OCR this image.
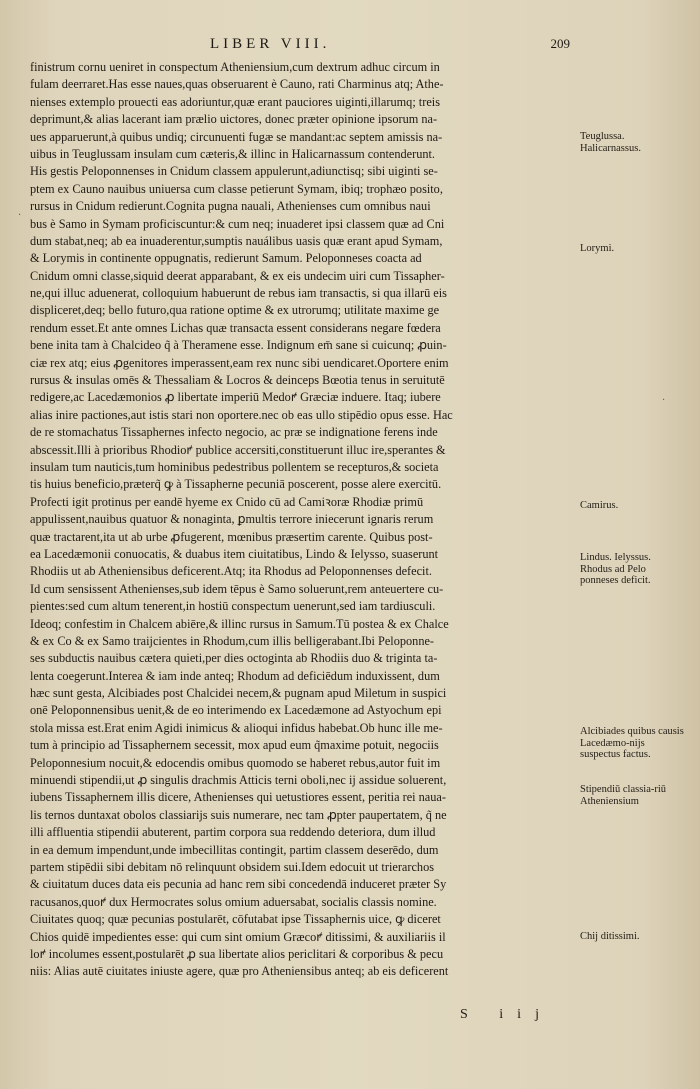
LIBER VIII.	209
finistrum cornu ueniret in conspectum Atheniensium,cum dextrum adhuc circum in
fulam deerraret.Has esse naues,quas obseruarent è Cauno, rati Charminus atq; Athe-
nienses extemplo prouecti eas adoriuntur,quæ erant pauciores uiginti,illarumq; treis
deprimunt,& alias lacerant iam prælio uictores, donec præter opinione ipsorum na-
ues apparuerunt,à quibus undiq; circunuenti fugæ se mandant:ac septem amissis na-
uibus in Teuglussam insulam cum cæteris,& illinc in Halicarnassum contenderunt.
His gestis Peloponnenses in Cnidum classem appulerunt,adiunctisq; sibi uiginti se-
ptem ex Cauno nauibus uniuersa cum classe petierunt Symam, ibiq; trophæo posito,
rursus in Cnidum redierunt.Cognita pugna nauali, Athenienses cum omnibus naui
bus è Samo in Symam proficiscuntur:& cum neq; inuaderet ipsi classem quæ ad Cni
dum stabat,neq; ab ea inuaderentur,sumptis nauálibus uasis quæ erant apud Symam,
& Lorymis in continente oppugnatis, redierunt Samum. Peloponneses coacta ad
Cnidum omni classe,siquid deerat apparabant, & ex eis undecim uiri cum Tissapher-
ne,qui illuc aduenerat, colloquium habuerunt de rebus iam transactis, si qua illarū eis
displiceret,deq; bello futuro,qua ratione optime & ex utrorumq; utilitate maxime ge
rendum esset.Et ante omnes Lichas quæ transacta essent considerans negare fœdera
bene inita tam à Chalcideo q̃ à Theramene esse. Indignum em̄ sane si cuicunq; ꝓuin-
ciæ rex atq; eius ꝓgenitores imperassent,eam rex nunc sibi uendicaret.Oportere enim
rursus & insulas omēs & Thessaliam & Locros & deinceps Bœotia tenus in seruitutē
redigere,ac Lacedæmonios ꝓ libertate imperiū Medoꝵ Græciæ induere. Itaq; iubere
alias inire pactiones,aut istis stari non oportere.nec ob eas ullo stipēdio opus esse. Hac
de re stomachatus Tissaphernes infecto negocio, ac præ se indignatione ferens inde
abscessit.Illi à prioribus Rhodioꝵ publice accersiti,constituerunt illuc ire,sperantes &
insulam tum nauticis,tum hominibus pedestribus pollentem se recepturos,& societa
tis huius beneficio,præterq̃ ꝙ à Tissapherne pecuniā poscerent, posse alere exercitū.
Profecti igit protinus per eandē hyeme ex Cnido cū ad Camiꝛoræ Rhodiæ primū
appulissent,nauibus quatuor & nonaginta, ꝑmultis terrore iniecerunt ignaris rerum
quæ tractarent,ita ut ab urbe ꝓfugerent, mœnibus præsertim carente. Quibus post-
ea Lacedæmonii conuocatis, & duabus item ciuitatibus, Lindo & Ielysso, suaserunt
Rhodiis ut ab Atheniensibus deficerent.Atq; ita Rhodus ad Peloponnenses defecit.
Id cum sensissent Athenienses,sub idem tēpus è Samo soluerunt,rem anteuertere cu-
pientes:sed cum altum tenerent,in hostiū conspectum uenerunt,sed iam tardiusculi.
Ideoq; confestim in Chalcem abiēre,& illinc rursus in Samum.Tū postea & ex Chalce
& ex Co & ex Samo traijcientes in Rhodum,cum illis belligerabant.Ibi Peloponne-
ses subductis nauibus cætera quieti,per dies octoginta ab Rhodiis duo & triginta ta-
lenta coegerunt.Interea & iam inde anteq; Rhodum ad deficiēdum induxissent, dum
hæc sunt gesta, Alcibiades post Chalcidei necem,& pugnam apud Miletum in suspici
onē Peloponnensibus uenit,& de eo interimendo ex Lacedæmone ad Astyochum epi
stola missa est.Erat enim Agidi inimicus & alioqui infidus habebat.Ob hunc ille me-
tum à principio ad Tissaphernem secessit, mox apud eum q̃maxime potuit, negociis
Peloponnesium nocuit,& edocendis omibus quomodo se haberet rebus,autor fuit im
minuendi stipendii,ut ꝓ singulis drachmis Atticis terni oboli,nec ij assidue soluerent,
iubens Tissaphernem illis dicere, Athenienses qui uetustiores essent, peritia rei naua-
lis ternos duntaxat obolos classiarijs suis numerare, nec tam ꝓpter paupertatem, q̃ ne
illi affluentia stipendii abuterent, partim corpora sua reddendo deteriora, dum illud
in ea demum impendunt,unde imbecillitas contingit, partim classem deserēdo, dum
partem stipēdii sibi debitam nō relinquunt obsidem sui.Idem edocuit ut trierarchos
& ciuitatum duces data eis pecunia ad hanc rem sibi concedendā induceret præter Sy
racusanos,quoꝵ dux Hermocrates solus omium aduersabat, socialis classis nomine.
Ciuitates quoq; quæ pecunias postularēt, cōfutabat ipse Tissaphernis uice, ꝙ diceret
Chios quidē impedientes esse: qui cum sint omium Græcoꝵ ditissimi, & auxiliariis il
loꝵ incolumes essent,postularēt ꝓ sua libertate alios periclitari & corporibus & pecu
niis: Alias autē ciuitates iniuste agere, quæ pro Atheniensibus anteq; ab eis deficerent
Teuglussa. Halicarnassus.
Lorymi.
Camirus.
Lindus. Ielyssus. Rhodus ad Pelo ponneses deficit.
Alcibiades quibus causis Lacedæmo-nijs suspectus factus.
Stipendiū classia-riū Atheniensium
Chij ditissimi.
S iij
·
·
